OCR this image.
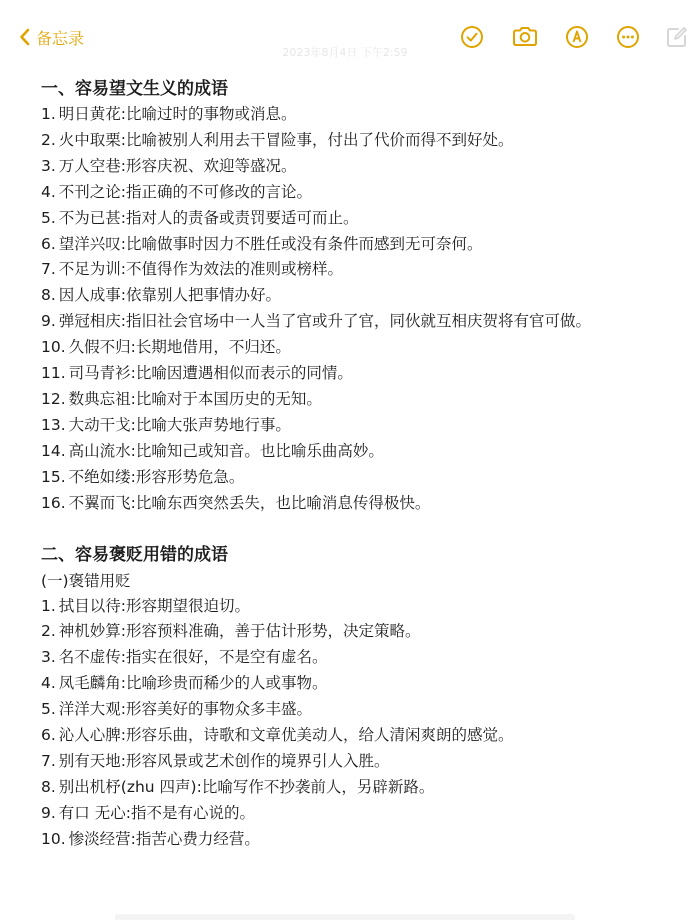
备忘录
2023年8月4日 下午2:59
一、容易望文生义的成语
1. 明日黄花:比喻过时的事物或消息。
2. 火中取栗:比喻被别人利用去干冒险事，付出了代价而得不到好处。
3. 万人空巷:形容庆祝、欢迎等盛况。
4. 不刊之论:指正确的不可修改的言论。
5. 不为已甚:指对人的责备或责罚要适可而止。
6. 望洋兴叹:比喻做事时因力不胜任或没有条件而感到无可奈何。
7. 不足为训:不值得作为效法的准则或榜样。
8. 因人成事:依靠别人把事情办好。
9. 弹冠相庆:指旧社会官场中一人当了官或升了官，同伙就互相庆贺将有官可做。
10. 久假不归:长期地借用，不归还。
11. 司马青衫:比喻因遭遇相似而表示的同情。
12. 数典忘祖:比喻对于本国历史的无知。
13. 大动干戈:比喻大张声势地行事。
14. 高山流水:比喻知己或知音。也比喻乐曲高妙。
15. 不绝如缕:形容形势危急。
16. 不翼而飞:比喻东西突然丢失，也比喻消息传得极快。
二、容易褒贬用错的成语
(一)褒错用贬
1. 拭目以待:形容期望很迫切。
2. 神机妙算:形容预料准确，善于估计形势，决定策略。
3. 名不虚传:指实在很好，不是空有虚名。
4. 凤毛麟角:比喻珍贵而稀少的人或事物。
5. 洋洋大观:形容美好的事物众多丰盛。
6. 沁人心脾:形容乐曲，诗歌和文章优美动人，给人清闲爽朗的感觉。
7. 别有天地:形容风景或艺术创作的境界引人入胜。
8. 别出机杼(zhu 四声):比喻写作不抄袭前人，另辟新路。
9. 有口 无心:指不是有心说的。
10. 惨淡经营:指苦心费力经营。
